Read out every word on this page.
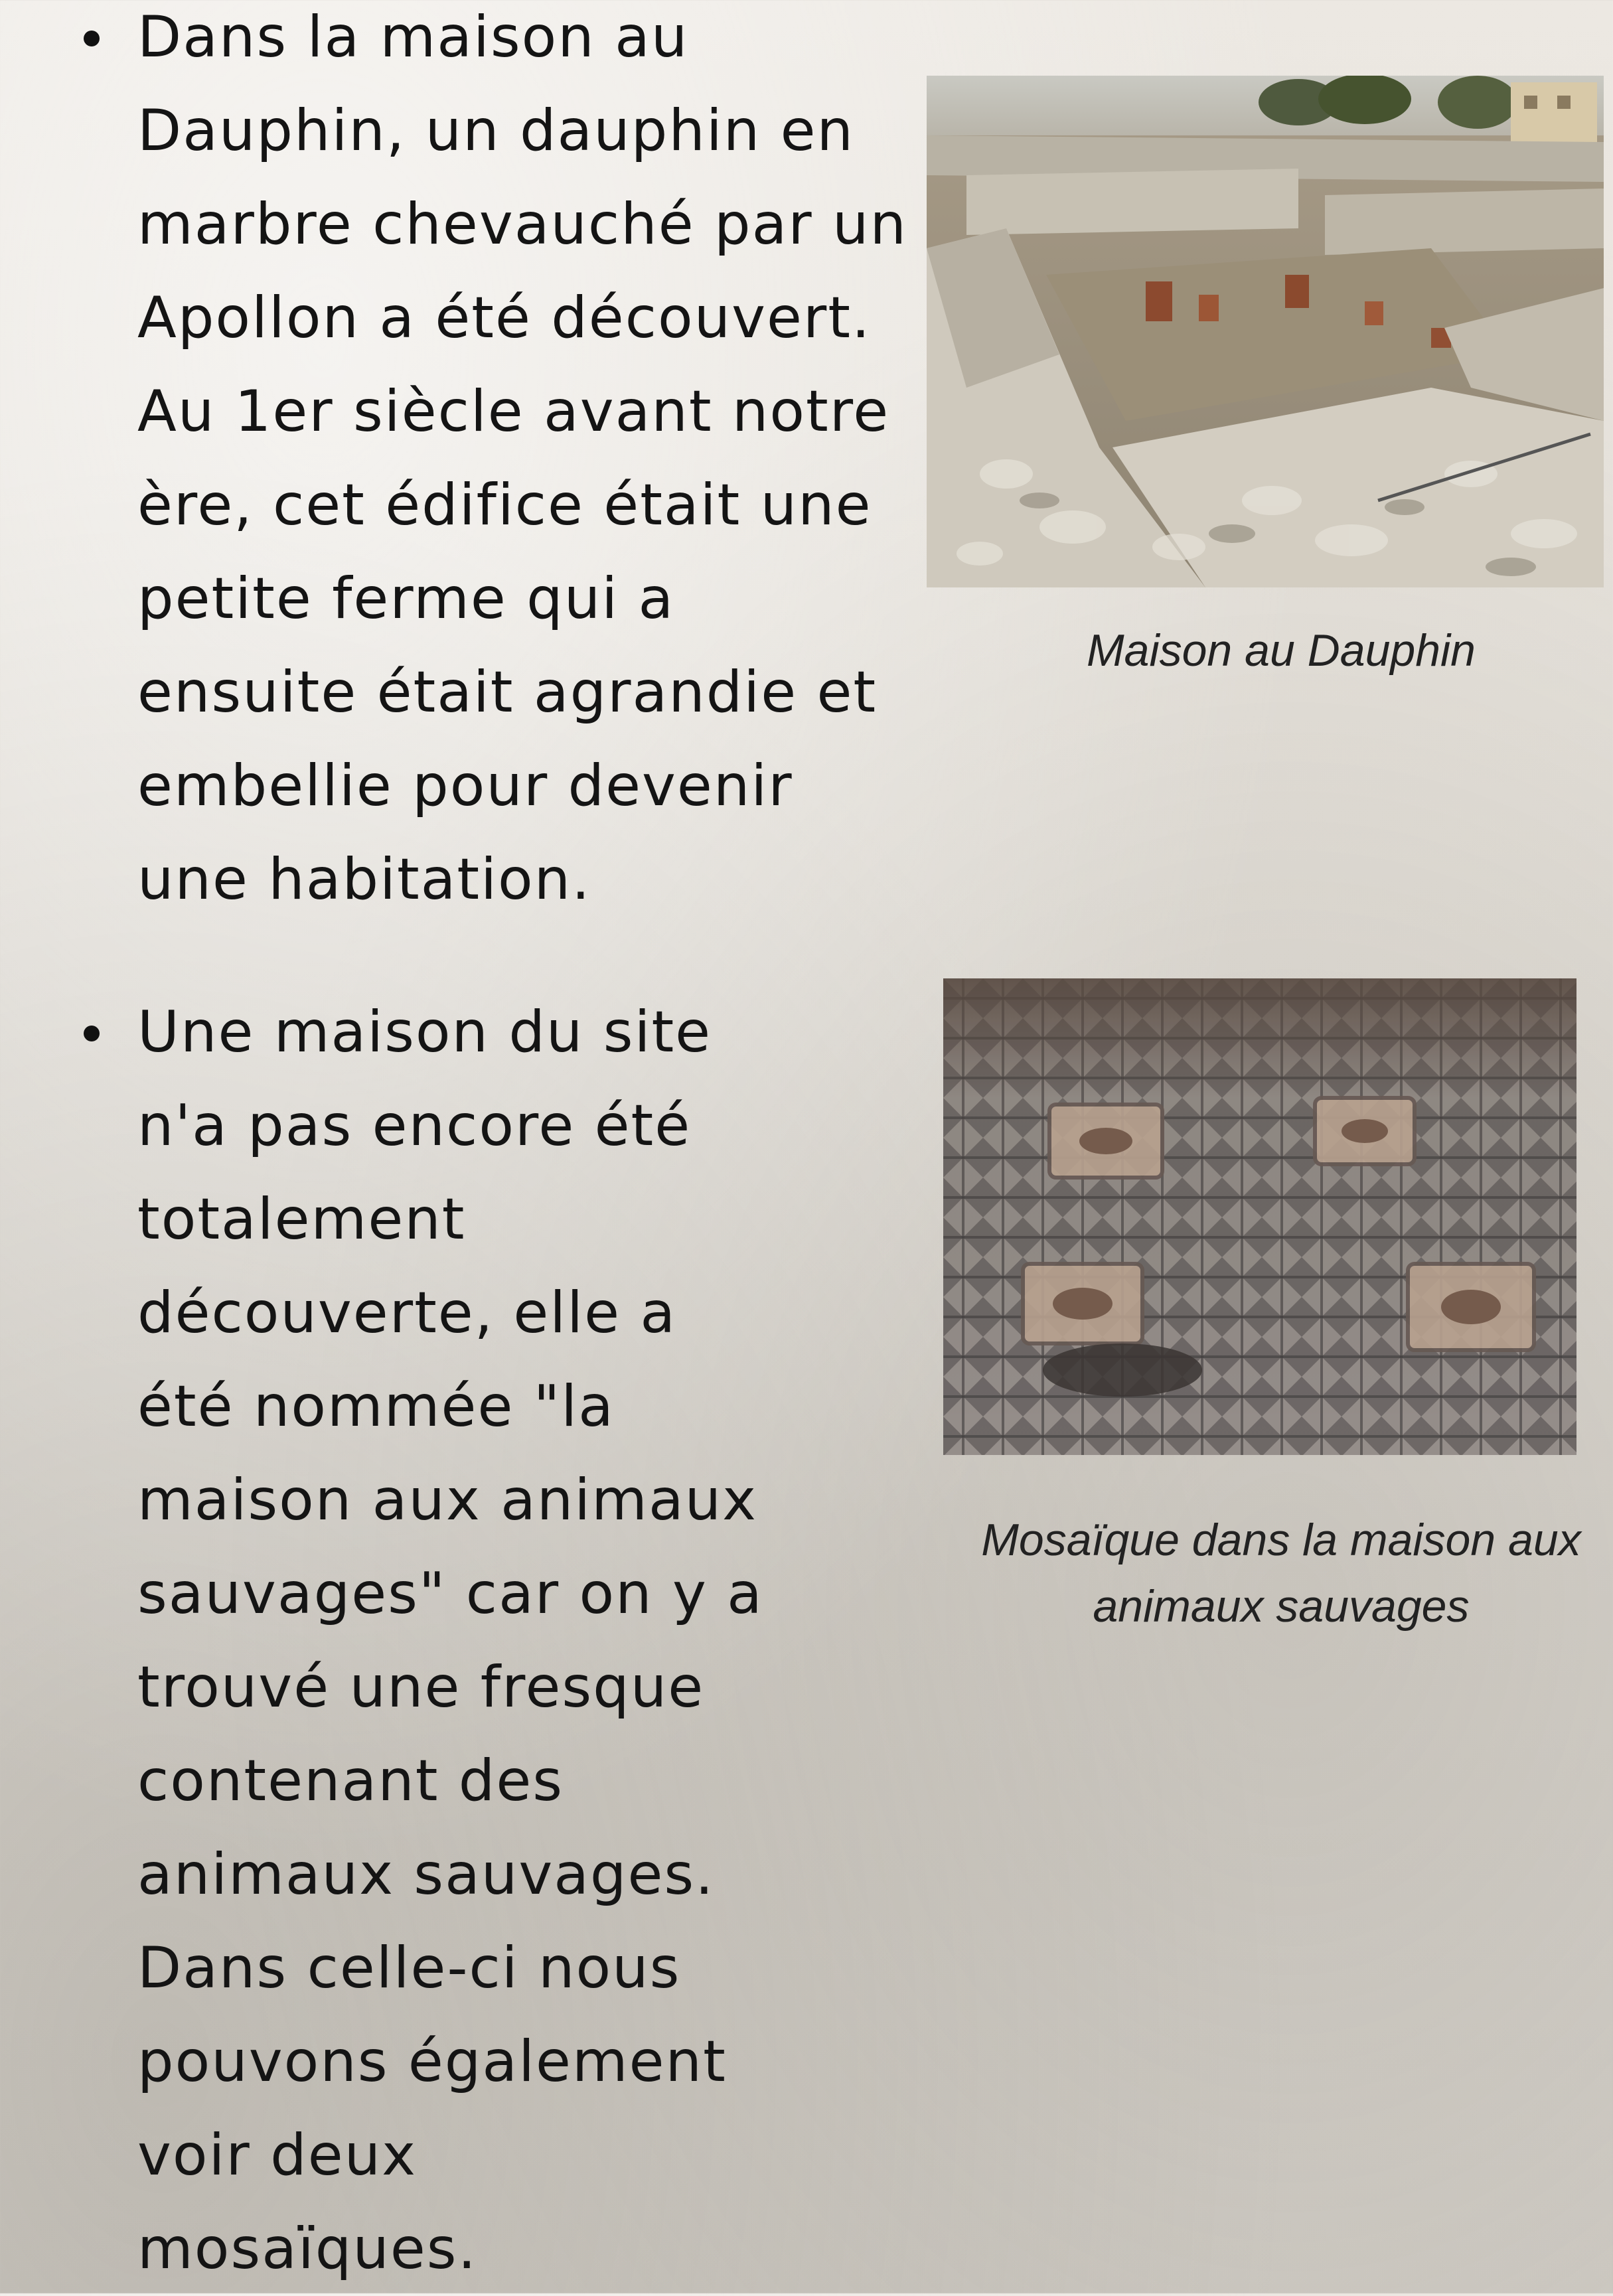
Dans la maison au
Dauphin, un dauphin en
marbre chevauché par un
Apollon a été découvert.
Au 1er siècle avant notre
ère, cet édifice était une
petite ferme qui a
ensuite était agrandie et
embellie pour devenir
une habitation.

Maison au Dauphin

Une maison du site
n'a pas encore été
totalement
découverte, elle a
été nommée "la
maison aux animaux
sauvages" car on y a
trouvé une fresque
contenant des
animaux sauvages.
Dans celle-ci nous
pouvons également
voir deux
mosaïques.

Mosaïque dans la maison aux
animaux sauvages
